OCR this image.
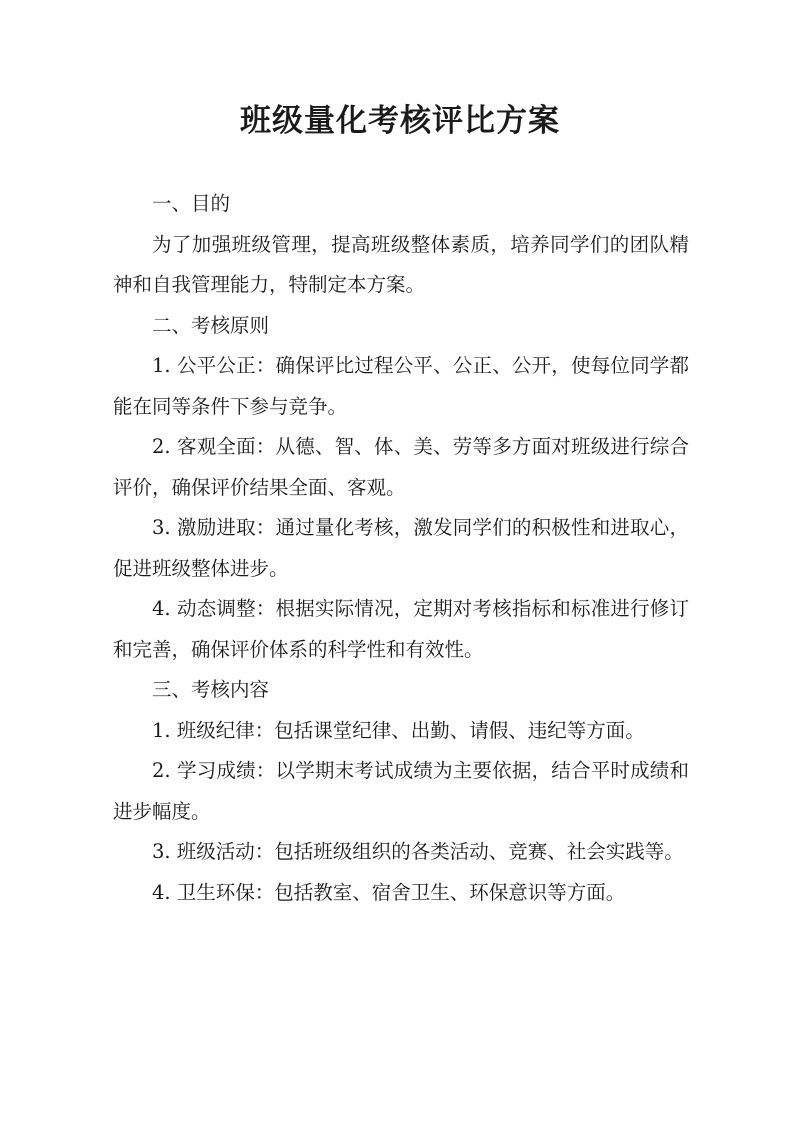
班级量化考核评比方案

一、目的

为了加强班级管理，提高班级整体素质，培养同学们的团队精神和自我管理能力，特制定本方案。

二、考核原则

1. 公平公正：确保评比过程公平、公正、公开，使每位同学都能在同等条件下参与竞争。

2. 客观全面：从德、智、体、美、劳等多方面对班级进行综合评价，确保评价结果全面、客观。

3. 激励进取：通过量化考核，激发同学们的积极性和进取心，促进班级整体进步。

4. 动态调整：根据实际情况，定期对考核指标和标准进行修订和完善，确保评价体系的科学性和有效性。

三、考核内容

1. 班级纪律：包括课堂纪律、出勤、请假、违纪等方面。

2. 学习成绩：以学期末考试成绩为主要依据，结合平时成绩和进步幅度。

3. 班级活动：包括班级组织的各类活动、竞赛、社会实践等。

4. 卫生环保：包括教室、宿舍卫生、环保意识等方面。
